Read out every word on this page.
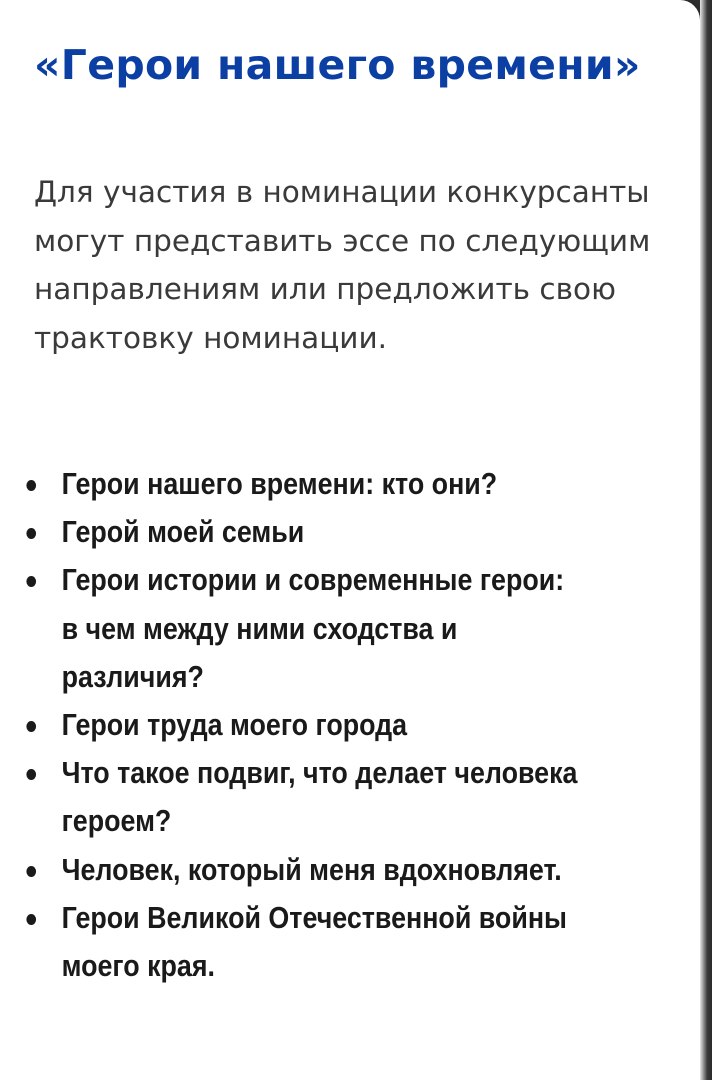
«Герои нашего времени»

Для участия в номинации конкурсанты могут представить эссе по следующим направлениям или предложить свою трактовку номинации.

Герои нашего времени: кто они?
Герой моей семьи
Герои истории и современные герои: в чем между ними сходства и различия?
Герои труда моего города
Что такое подвиг, что делает человека героем?
Человек, который меня вдохновляет.
Герои Великой Отечественной войны моего края.
